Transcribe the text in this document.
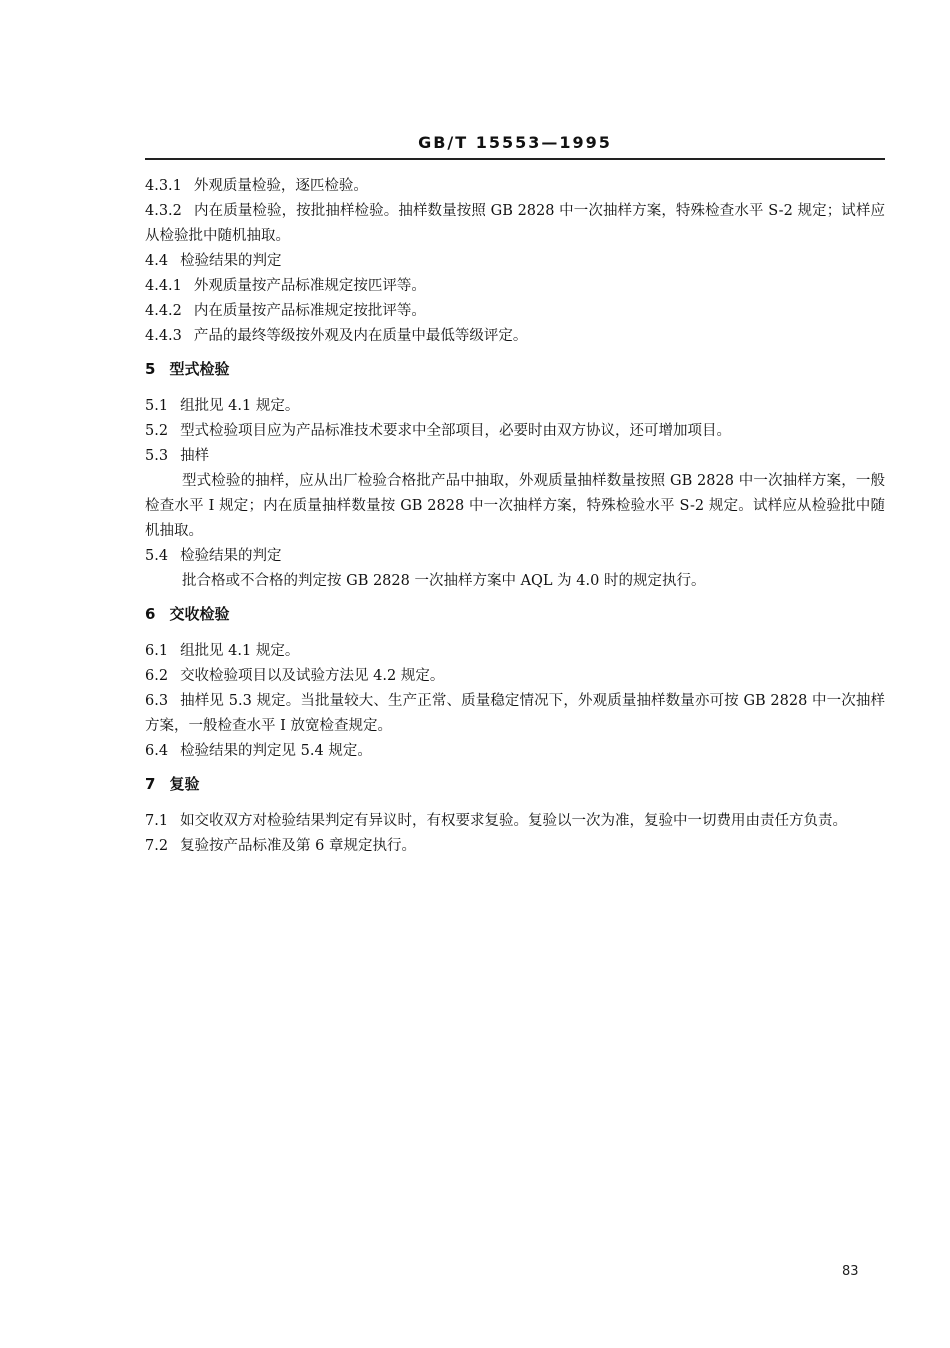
GB/T 15553—1995
4.3.1 外观质量检验，逐匹检验。
4.3.2 内在质量检验，按批抽样检验。抽样数量按照 GB 2828 中一次抽样方案，特殊检查水平 S-2 规定；试样应从检验批中随机抽取。
4.4 检验结果的判定
4.4.1 外观质量按产品标准规定按匹评等。
4.4.2 内在质量按产品标准规定按批评等。
4.4.3 产品的最终等级按外观及内在质量中最低等级评定。
5 型式检验
5.1 组批见 4.1 规定。
5.2 型式检验项目应为产品标准技术要求中全部项目，必要时由双方协议，还可增加项目。
5.3 抽样
型式检验的抽样，应从出厂检验合格批产品中抽取，外观质量抽样数量按照 GB 2828 中一次抽样方案，一般检查水平 I 规定；内在质量抽样数量按 GB 2828 中一次抽样方案，特殊检验水平 S-2 规定。试样应从检验批中随机抽取。
5.4 检验结果的判定
批合格或不合格的判定按 GB 2828 一次抽样方案中 AQL 为 4.0 时的规定执行。
6 交收检验
6.1 组批见 4.1 规定。
6.2 交收检验项目以及试验方法见 4.2 规定。
6.3 抽样见 5.3 规定。当批量较大、生产正常、质量稳定情况下，外观质量抽样数量亦可按 GB 2828 中一次抽样方案，一般检查水平 I 放宽检查规定。
6.4 检验结果的判定见 5.4 规定。
7 复验
7.1 如交收双方对检验结果判定有异议时，有权要求复验。复验以一次为准，复验中一切费用由责任方负责。
7.2 复验按产品标准及第 6 章规定执行。
83
